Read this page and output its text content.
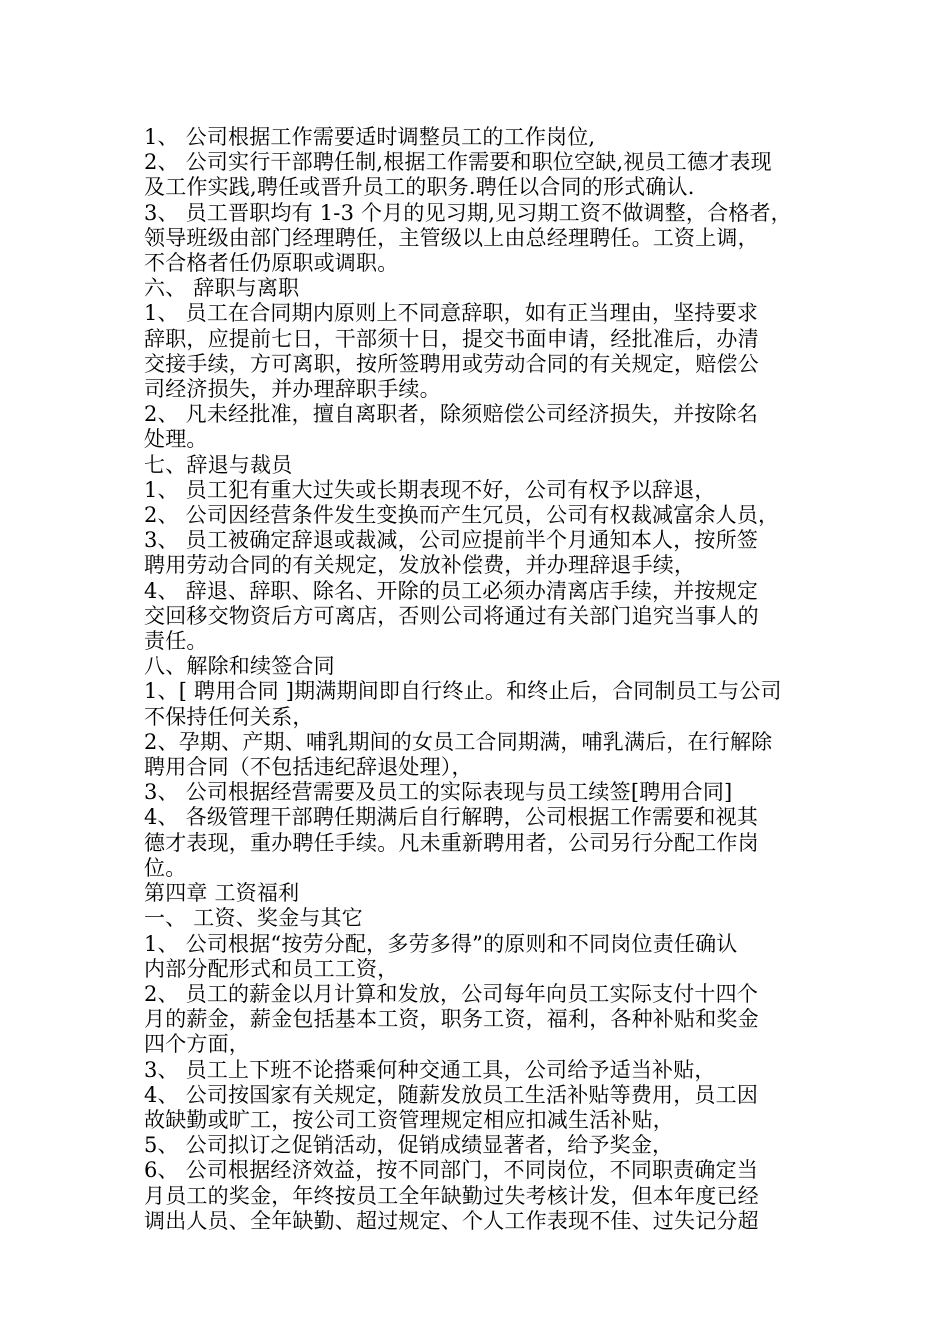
1、 公司根据工作需要适时调整员工的工作岗位,
2、 公司实行干部聘任制,根据工作需要和职位空缺,视员工德才表现
及工作实践,聘任或晋升员工的职务.聘任以合同的形式确认.
3、 员工晋职均有 1-3 个月的见习期,见习期工资不做调整，合格者，
领导班级由部门经理聘任，主管级以上由总经理聘任。工资上调，
不合格者任仍原职或调职。
六、 辞职与离职
1、 员工在合同期内原则上不同意辞职，如有正当理由，坚持要求
辞职，应提前七日，干部须十日，提交书面申请，经批准后，办清
交接手续，方可离职，按所签聘用或劳动合同的有关规定，赔偿公
司经济损失，并办理辞职手续。
2、 凡未经批准，擅自离职者，除须赔偿公司经济损失，并按除名
处理。
七、辞退与裁员
1、 员工犯有重大过失或长期表现不好，公司有权予以辞退，
2、 公司因经营条件发生变换而产生冗员，公司有权裁减富余人员，
3、 员工被确定辞退或裁减，公司应提前半个月通知本人，按所签
聘用劳动合同的有关规定，发放补偿费，并办理辞退手续，
4、 辞退、辞职、除名、开除的员工必须办清离店手续，并按规定
交回移交物资后方可离店，否则公司将通过有关部门追究当事人的
责任。
八、解除和续签合同
1、[ 聘用合同 ]期满期间即自行终止。和终止后，合同制员工与公司
不保持任何关系，
2、孕期、产期、哺乳期间的女员工合同期满，哺乳满后，在行解除
聘用合同（不包括违纪辞退处理），
3、 公司根据经营需要及员工的实际表现与员工续签[聘用合同]
4、 各级管理干部聘任期满后自行解聘，公司根据工作需要和视其
德才表现，重办聘任手续。凡未重新聘用者，公司另行分配工作岗
位。
第四章 工资福利
一、 工资、奖金与其它
1、 公司根据“按劳分配，多劳多得”的原则和不同岗位责任确认
内部分配形式和员工工资，
2、 员工的薪金以月计算和发放，公司每年向员工实际支付十四个
月的薪金，薪金包括基本工资，职务工资，福利，各种补贴和奖金
四个方面，
3、 员工上下班不论搭乘何种交通工具，公司给予适当补贴，
4、 公司按国家有关规定，随薪发放员工生活补贴等费用，员工因
故缺勤或旷工，按公司工资管理规定相应扣减生活补贴，
5、 公司拟订之促销活动，促销成绩显著者，给予奖金，
6、 公司根据经济效益，按不同部门，不同岗位，不同职责确定当
月员工的奖金，年终按员工全年缺勤过失考核计发，但本年度已经
调出人员、全年缺勤、超过规定、个人工作表现不佳、过失记分超
